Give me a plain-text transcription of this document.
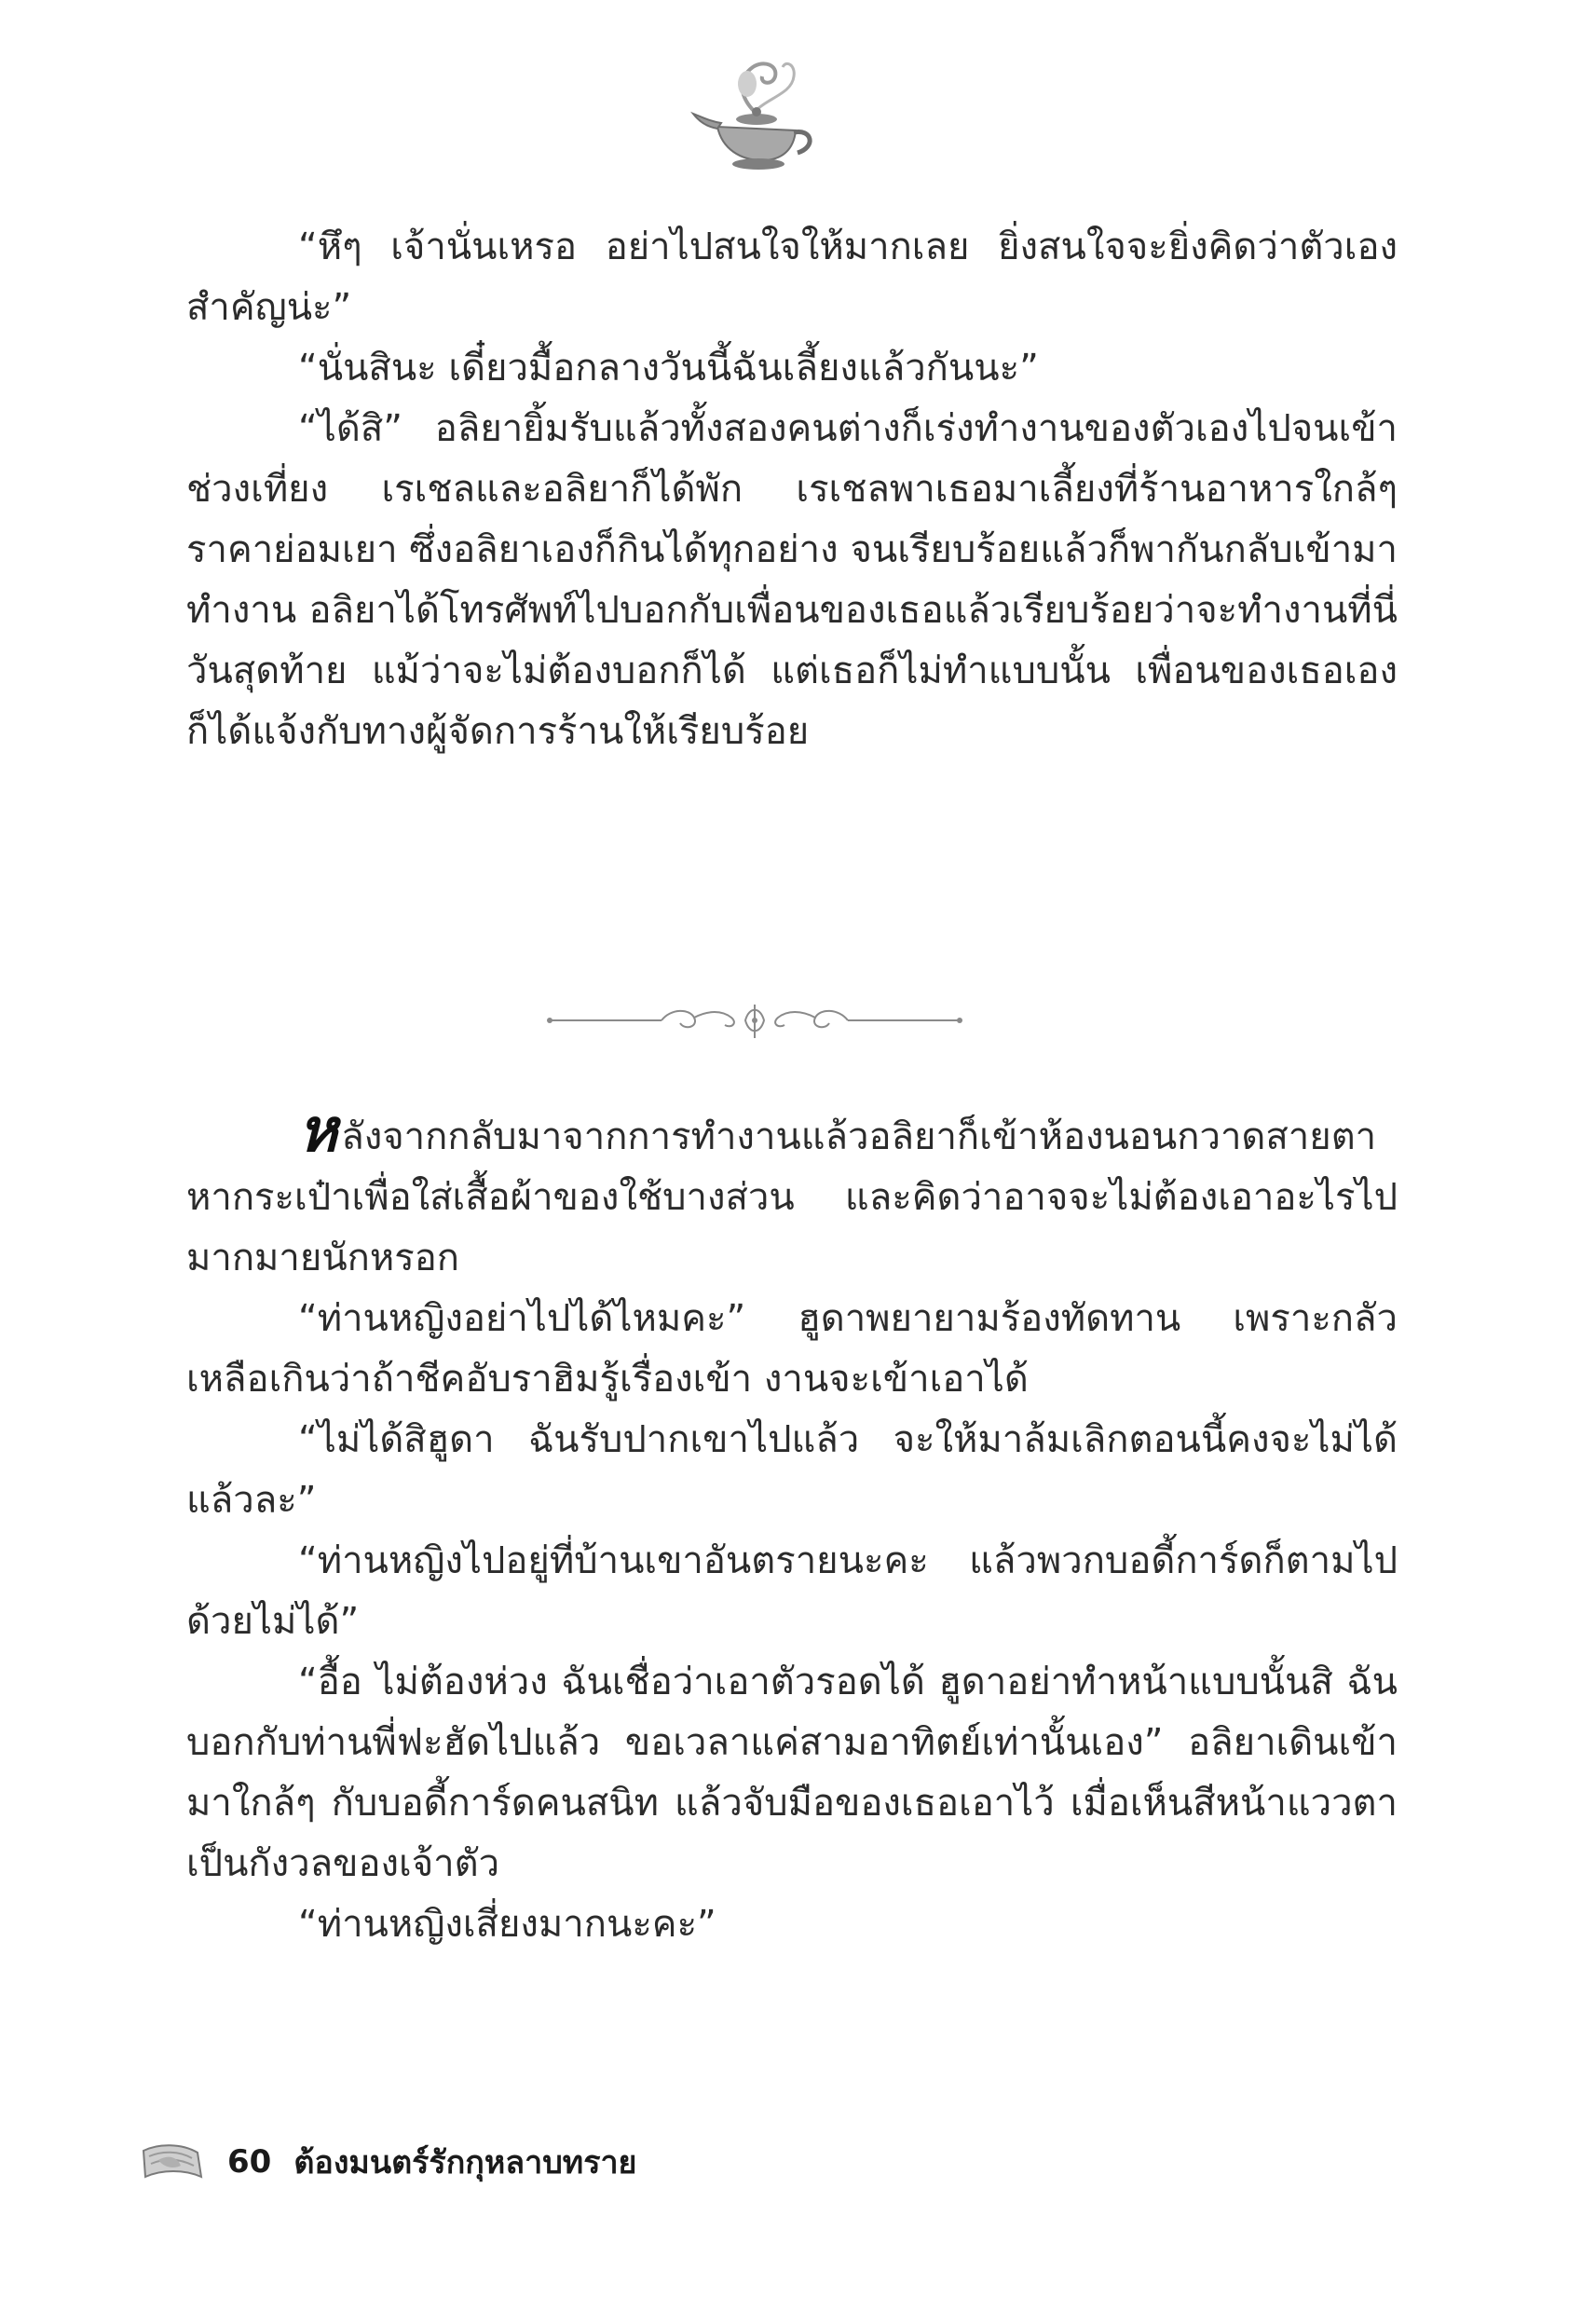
“หึๆ เจ้านั่นเหรอ อย่าไปสนใจให้มากเลย ยิ่งสนใจจะยิ่งคิดว่าตัวเองสำคัญน่ะ”

“นั่นสินะ เดี๋ยวมื้อกลางวันนี้ฉันเลี้ยงแล้วกันนะ”

“ได้สิ” อลิยายิ้มรับแล้วทั้งสองคนต่างก็เร่งทำงานของตัวเองไปจนเข้าช่วงเที่ยง เรเชลและอลิยาก็ได้พัก เรเชลพาเธอมาเลี้ยงที่ร้านอาหารใกล้ๆ ราคาย่อมเยา ซึ่งอลิยาเองก็กินได้ทุกอย่าง จนเรียบร้อยแล้วก็พากันกลับเข้ามาทำงาน อลิยาได้โทรศัพท์ไปบอกกับเพื่อนของเธอแล้วเรียบร้อยว่าจะทำงานที่นี่วันสุดท้าย แม้ว่าจะไม่ต้องบอกก็ได้ แต่เธอก็ไม่ทำแบบนั้น เพื่อนของเธอเองก็ได้แจ้งกับทางผู้จัดการร้านให้เรียบร้อย

หลังจากกลับมาจากการทำงานแล้วอลิยาก็เข้าห้องนอนกวาดสายตาหากระเป๋าเพื่อใส่เสื้อผ้าของใช้บางส่วน และคิดว่าอาจจะไม่ต้องเอาอะไรไปมากมายนักหรอก

“ท่านหญิงอย่าไปได้ไหมคะ” ฮูดาพยายามร้องทัดทาน เพราะกลัวเหลือเกินว่าถ้าชีคอับราฮิมรู้เรื่องเข้า งานจะเข้าเอาได้

“ไม่ได้สิฮูดา ฉันรับปากเขาไปแล้ว จะให้มาล้มเลิกตอนนี้คงจะไม่ได้แล้วละ”

“ท่านหญิงไปอยู่ที่บ้านเขาอันตรายนะคะ แล้วพวกบอดี้การ์ดก็ตามไปด้วยไม่ได้”

“อื้อ ไม่ต้องห่วง ฉันเชื่อว่าเอาตัวรอดได้ ฮูดาอย่าทำหน้าแบบนั้นสิ ฉันบอกกับท่านพี่ฟะฮัดไปแล้ว ขอเวลาแค่สามอาทิตย์เท่านั้นเอง” อลิยาเดินเข้ามาใกล้ๆ กับบอดี้การ์ดคนสนิท แล้วจับมือของเธอเอาไว้ เมื่อเห็นสีหน้าแววตาเป็นกังวลของเจ้าตัว

“ท่านหญิงเสี่ยงมากนะคะ”

60 ต้องมนตร์รักกุหลาบทราย
